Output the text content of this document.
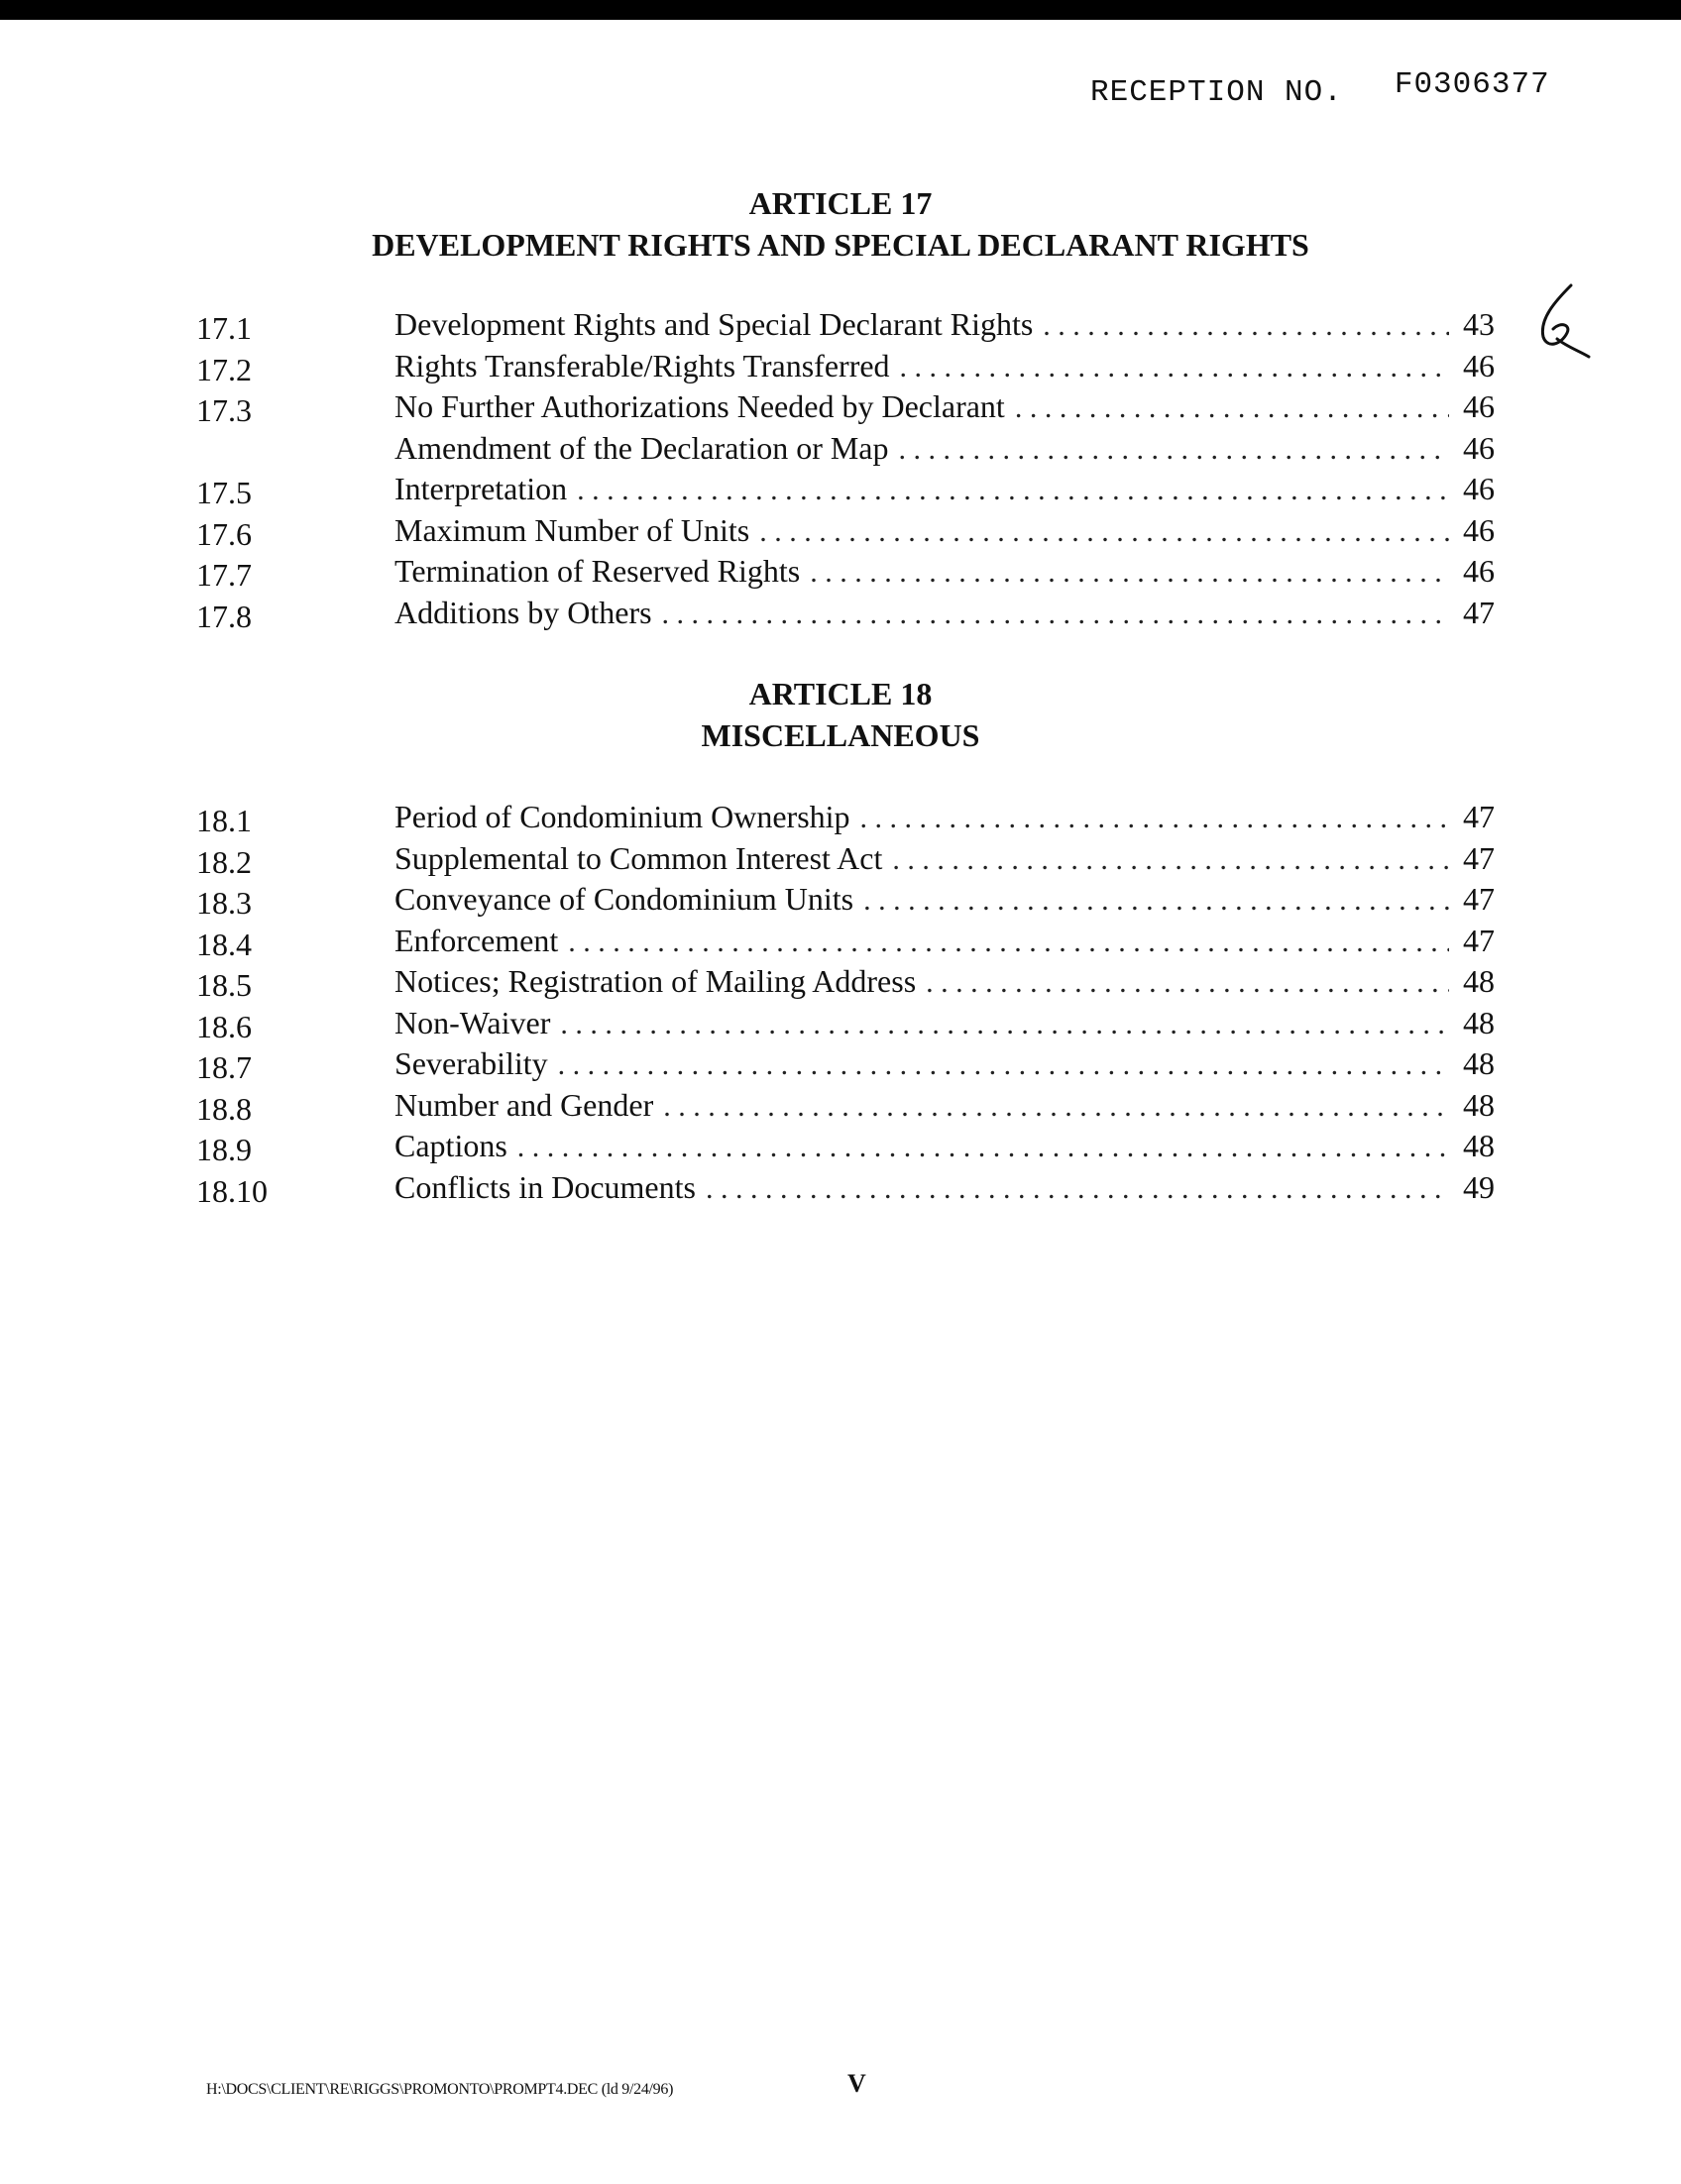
RECEPTION NO. F0306377
ARTICLE 17
DEVELOPMENT RIGHTS AND SPECIAL DECLARANT RIGHTS
17.1	Development Rights and Special Declarant Rights . . .	43
17.2	Rights Transferable/Rights Transferred . . .	46
17.3	No Further Authorizations Needed by Declarant . . .	46
Amendment of the Declaration or Map . . .	46
17.5	Interpretation . . .	46
17.6	Maximum Number of Units . . .	46
17.7	Termination of Reserved Rights . . .	46
17.8	Additions by Others . . .	47
ARTICLE 18
MISCELLANEOUS
18.1	Period of Condominium Ownership . . .	47
18.2	Supplemental to Common Interest Act . . .	47
18.3	Conveyance of Condominium Units . . .	47
18.4	Enforcement . . .	47
18.5	Notices; Registration of Mailing Address . . .	48
18.6	Non-Waiver . . .	48
18.7	Severability . . .	48
18.8	Number and Gender . . .	48
18.9	Captions . . .	48
18.10	Conflicts in Documents . . .	49
H:\DOCS\CLIENT\RE\RIGGS\PROMONTO\PROMPT4.DEC (ld 9/24/96)	V
